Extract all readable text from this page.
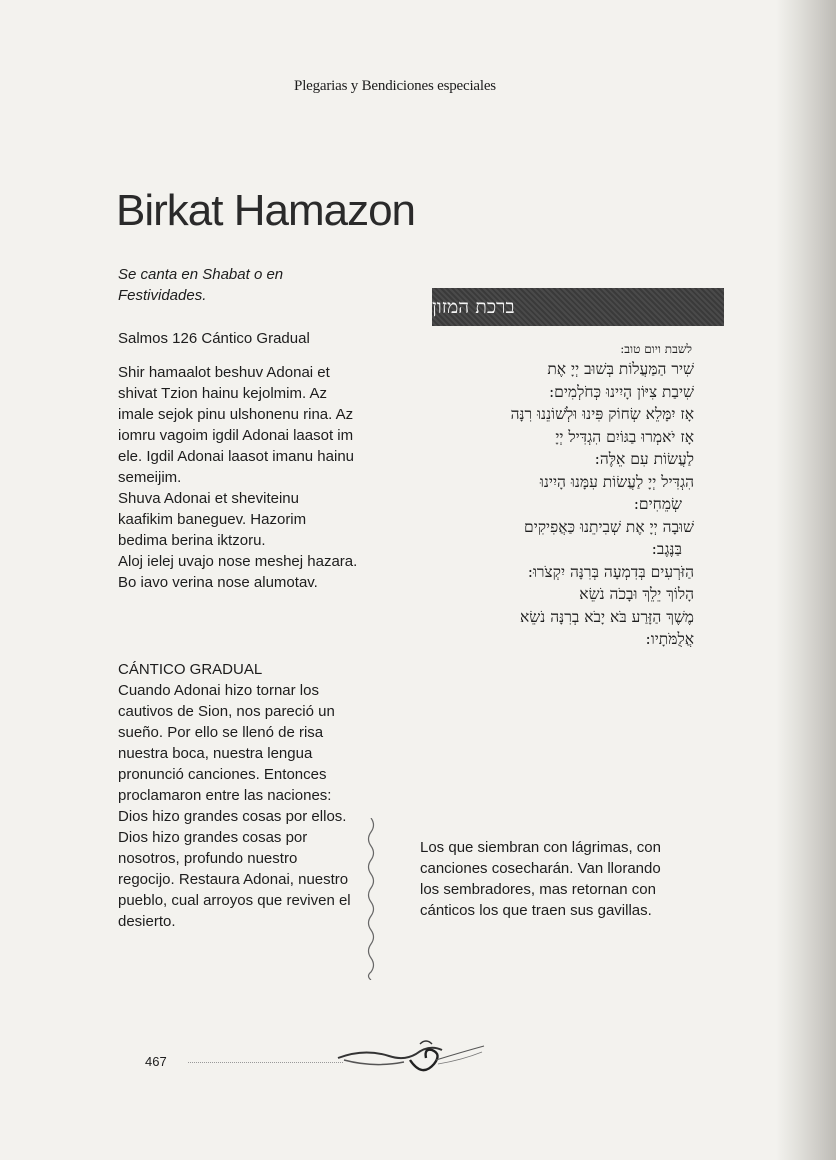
Plegarias y Bendiciones especiales
Birkat Hamazon
Se canta en Shabat o en Festividades.
Salmos 126 Cántico Gradual

Shir hamaalot beshuv Adonai et shivat Tzion hainu kejolmim. Az imale sejok pinu ulshonenu rina. Az iomru vagoim igdil Adonai laasot im ele. Igdil Adonai laasot imanu hainu semeijim.

Shuva Adonai et sheviteinu kaafikim baneguev. Hazorim bedima berina iktzoru.

Aloj ielej uvajo nose meshej hazara. Bo iavo verina nose alumotav.

CÁNTICO GRADUAL
Cuando Adonai hizo tornar los cautivos de Sion, nos pareció un sueño. Por ello se llenó de risa nuestra boca, nuestra lengua pronunció canciones. Entonces proclamaron entre las naciones: Dios hizo grandes cosas por ellos. Dios hizo grandes cosas por nosotros, profundo nuestro regocijo. Restaura Adonai, nuestro pueblo, cual arroyos que reviven el desierto.
ברכת המזון
לשבת ויום טוב:
שִׁיר הַמַּעֲלוֹת בְּשׁוּב יְיָ אֶת
שִׁיבַת צִיּוֹן הָיִינוּ כְּחֹלְמִים:
אָז יִמָּלֵא שְׂחוֹק פִּינוּ וּלְשׁוֹנֵנוּ רִנָּה
אָז יֹאמְרוּ בַגּוֹיִם הִגְדִּיל יְיָ
לַעֲשׂוֹת עִם אֵלֶּה:
הִגְדִּיל יְיָ לַעֲשׂוֹת עִמָּנוּ הָיִינוּ
שְׂמֵחִים:
שׁוּבָה יְיָ אֶת שְׁבִיתֵנוּ כַּאֲפִיקִים
בַּנֶּגֶב:
הַזֹּרְעִים בְּדִמְעָה בְּרִנָּה יִקְצֹרוּ:
הָלוֹךְ יֵלֵךְ וּבָכֹה נֹשֵׂא
מֶשֶׁךְ הַזָּרַע בֹּא יָבֹא בְרִנָּה נֹשֵׂא
אֲלֻמֹּתָיו:
Los que siembran con lágrimas, con canciones cosecharán. Van llorando los sembradores, mas retornan con cánticos los que traen sus gavillas.
467
